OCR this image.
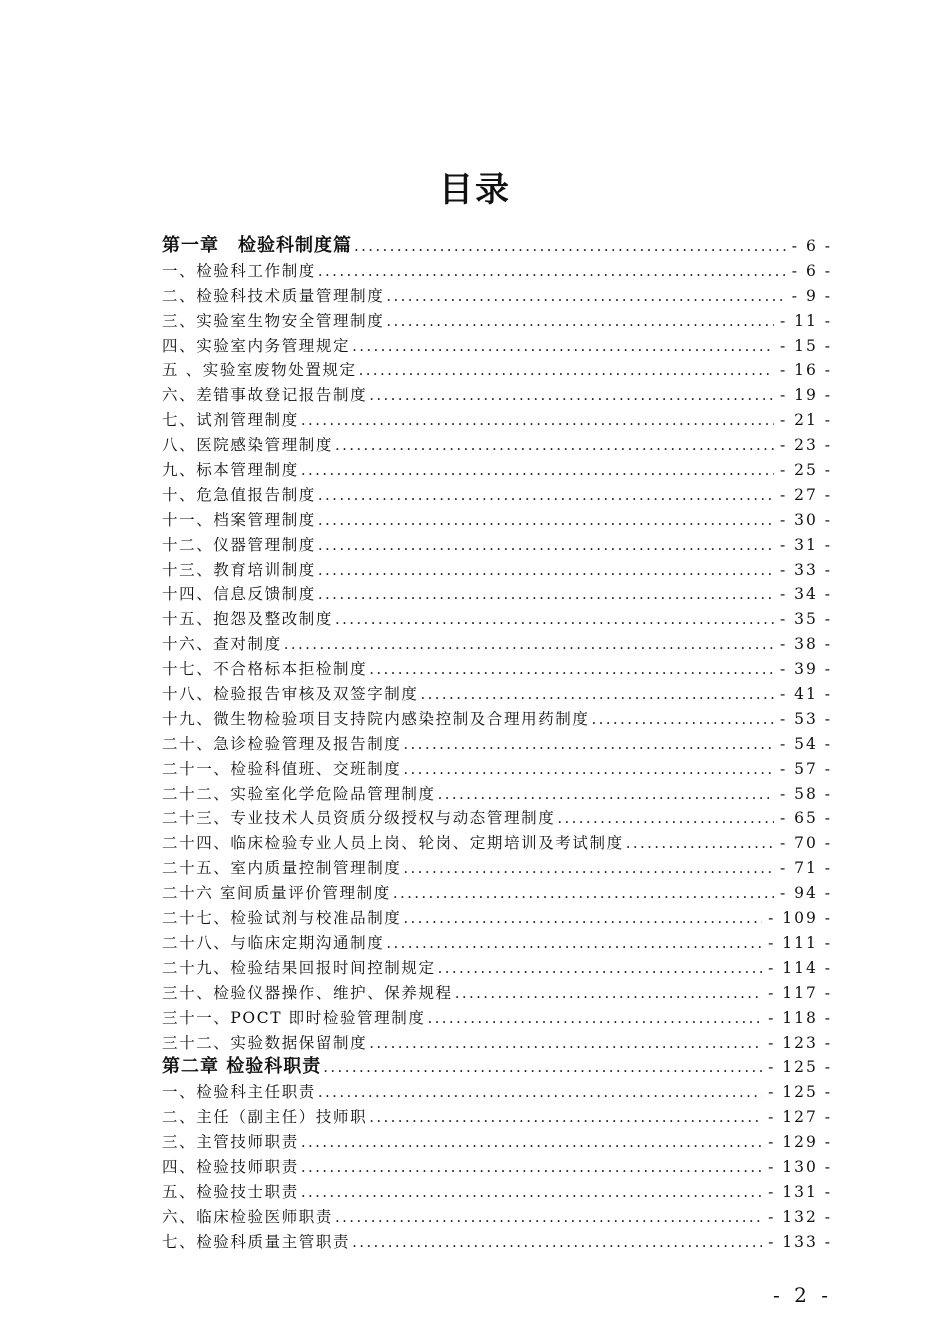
目录
第一章　检验科制度篇 . . .	- 6 -
一、检验科工作制度 . . .	- 6 -
二、检验科技术质量管理制度 . . .	- 9 -
三、实验室生物安全管理制度 . . .	- 11 -
四、实验室内务管理规定 . . .	- 15 -
五 、实验室废物处置规定 . . .	- 16 -
六、差错事故登记报告制度 . . .	- 19 -
七、试剂管理制度 . . .	- 21 -
八、医院感染管理制度 . . .	- 23 -
九、标本管理制度 . . .	- 25 -
十、危急值报告制度 . . .	- 27 -
十一、档案管理制度 . . .	- 30 -
十二、仪器管理制度 . . .	- 31 -
十三、教育培训制度 . . .	- 33 -
十四、信息反馈制度 . . .	- 34 -
十五、抱怨及整改制度 . . .	- 35 -
十六、查对制度 . . .	- 38 -
十七、不合格标本拒检制度 . . .	- 39 -
十八、检验报告审核及双签字制度 . . .	- 41 -
十九、微生物检验项目支持院内感染控制及合理用药制度 . . .	- 53 -
二十、急诊检验管理及报告制度 . . .	- 54 -
二十一、检验科值班、交班制度 . . .	- 57 -
二十二、实验室化学危险品管理制度 . . .	- 58 -
二十三、专业技术人员资质分级授权与动态管理制度 . . .	- 65 -
二十四、临床检验专业人员上岗、轮岗、定期培训及考试制度 . . .	- 70 -
二十五、室内质量控制管理制度 . . .	- 71 -
二十六 室间质量评价管理制度 . . .	- 94 -
二十七、检验试剂与校准品制度 . . .	- 109 -
二十八、与临床定期沟通制度 . . .	- 111 -
二十九、检验结果回报时间控制规定 . . .	- 114 -
三十、检验仪器操作、维护、保养规程 . . .	- 117 -
三十一、POCT 即时检验管理制度 . . .	- 118 -
三十二、实验数据保留制度 . . .	- 123 -
第二章 检验科职责 . . .	- 125 -
一、检验科主任职责 . . .	- 125 -
二、主任（副主任）技师职 . . .	- 127 -
三、主管技师职责 . . .	- 129 -
四、检验技师职责 . . .	- 130 -
五、检验技士职责 . . .	- 131 -
六、临床检验医师职责 . . .	- 132 -
七、检验科质量主管职责 . . .	- 133 -
- 2 -
